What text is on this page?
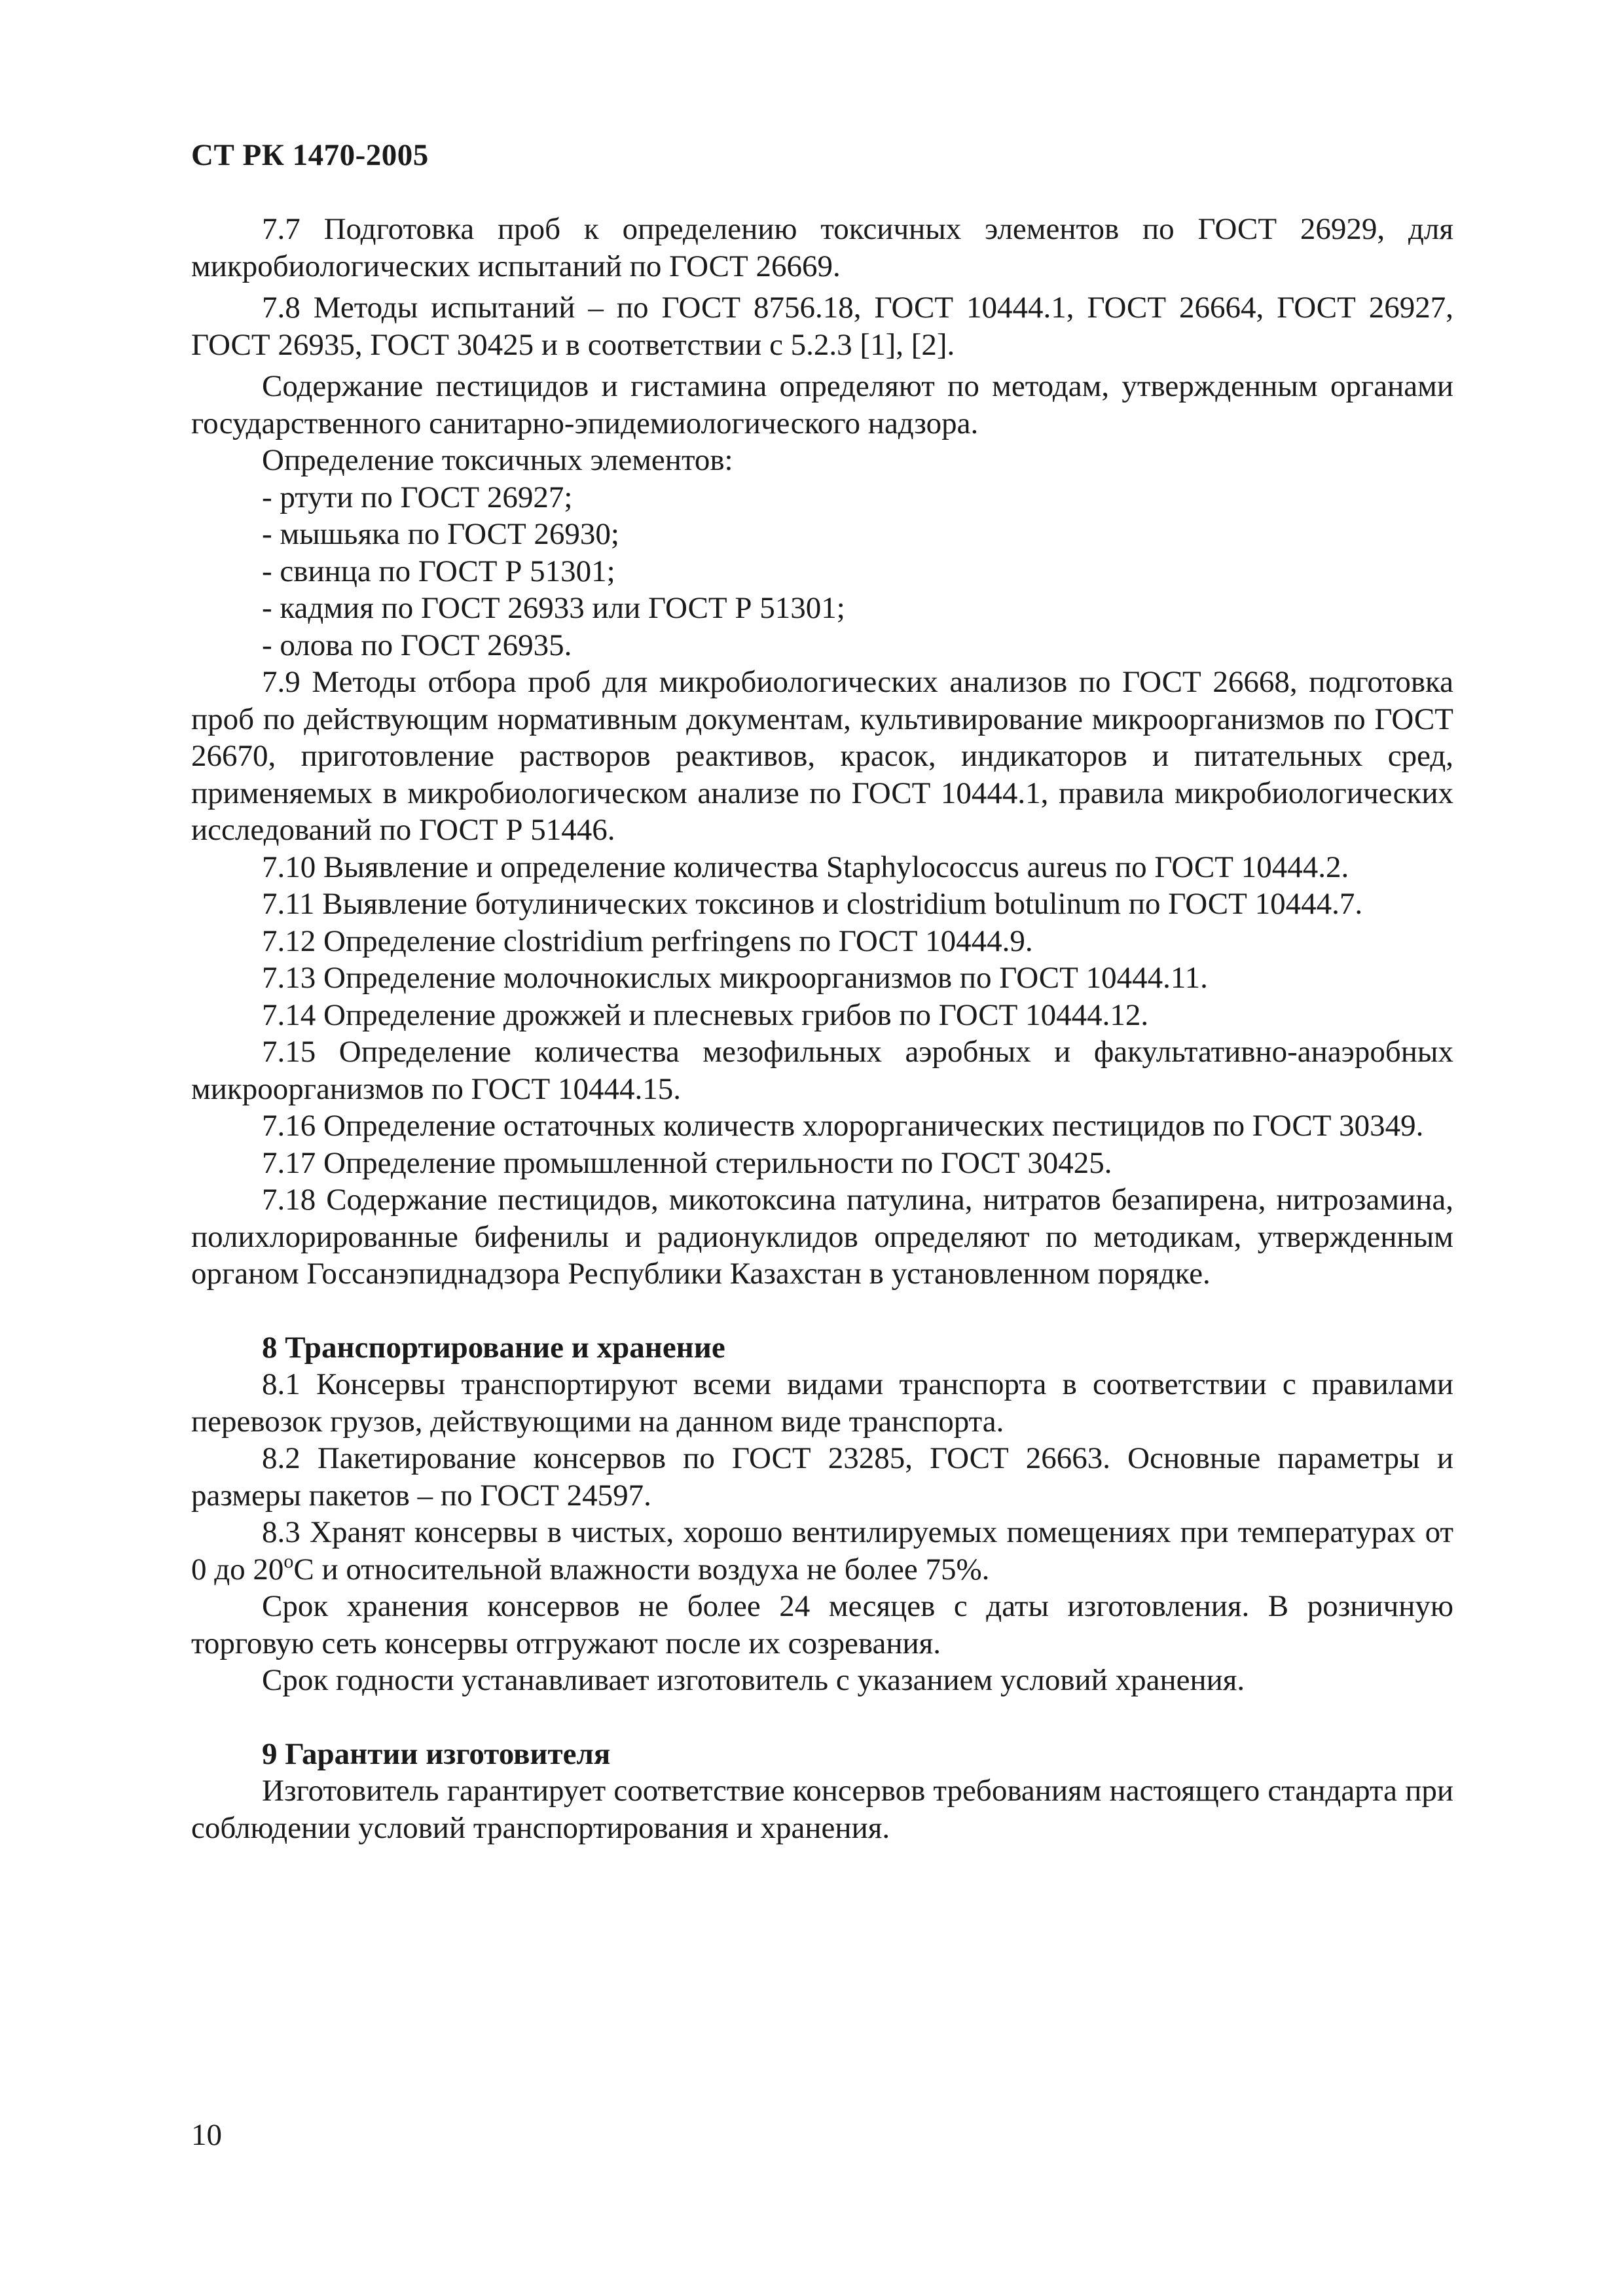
СТ РК 1470-2005
7.7 Подготовка проб к определению токсичных элементов по ГОСТ 26929, для микробиологических испытаний по ГОСТ 26669.
7.8 Методы испытаний – по ГОСТ 8756.18, ГОСТ 10444.1, ГОСТ 26664, ГОСТ 26927, ГОСТ 26935, ГОСТ 30425 и в соответствии с 5.2.3 [1], [2].
Содержание пестицидов и гистамина определяют по методам, утвержденным органами государственного санитарно-эпидемиологического надзора.
Определение токсичных элементов:
- ртути по ГОСТ 26927;
- мышьяка по ГОСТ 26930;
- свинца по ГОСТ Р 51301;
- кадмия по ГОСТ 26933 или ГОСТ Р 51301;
- олова по ГОСТ 26935.
7.9 Методы отбора проб для микробиологических анализов по ГОСТ 26668, подготовка проб по действующим нормативным документам, культивирование микроорганизмов по ГОСТ 26670, приготовление растворов реактивов, красок, индикаторов и питательных сред, применяемых в микробиологическом анализе по ГОСТ 10444.1, правила микробиологических исследований по ГОСТ Р 51446.
7.10 Выявление и определение количества Staphylococcus aureus по ГОСТ 10444.2.
7.11 Выявление ботулинических токсинов и clostridium botulinum по ГОСТ 10444.7.
7.12 Определение clostridium perfringens по ГОСТ 10444.9.
7.13 Определение молочнокислых микроорганизмов по ГОСТ 10444.11.
7.14 Определение дрожжей и плесневых грибов по ГОСТ 10444.12.
7.15 Определение количества мезофильных аэробных и факультативно-анаэробных микроорганизмов по ГОСТ 10444.15.
7.16 Определение остаточных количеств хлорорганических пестицидов по ГОСТ 30349.
7.17 Определение промышленной стерильности по ГОСТ 30425.
7.18 Содержание пестицидов, микотоксина патулина, нитратов безапирена, нитрозамина, полихлорированные бифенилы и радионуклидов определяют по методикам, утвержденным органом Госсанэпиднадзора Республики Казахстан в установленном порядке.
8 Транспортирование и хранение
8.1 Консервы транспортируют всеми видами транспорта в соответствии с правилами перевозок грузов, действующими на данном виде транспорта.
8.2 Пакетирование консервов по ГОСТ 23285, ГОСТ 26663. Основные параметры и размеры пакетов – по ГОСТ 24597.
8.3 Хранят консервы в чистых, хорошо вентилируемых помещениях при температурах от 0 до $20^оС$ и относительной влажности воздуха не более 75%.
Срок хранения консервов не более 24 месяцев с даты изготовления. В розничную торговую сеть консервы отгружают после их созревания.
Срок годности устанавливает изготовитель с указанием условий хранения.
9 Гарантии изготовителя
Изготовитель гарантирует соответствие консервов требованиям настоящего стандарта при соблюдении условий транспортирования и хранения.
10
